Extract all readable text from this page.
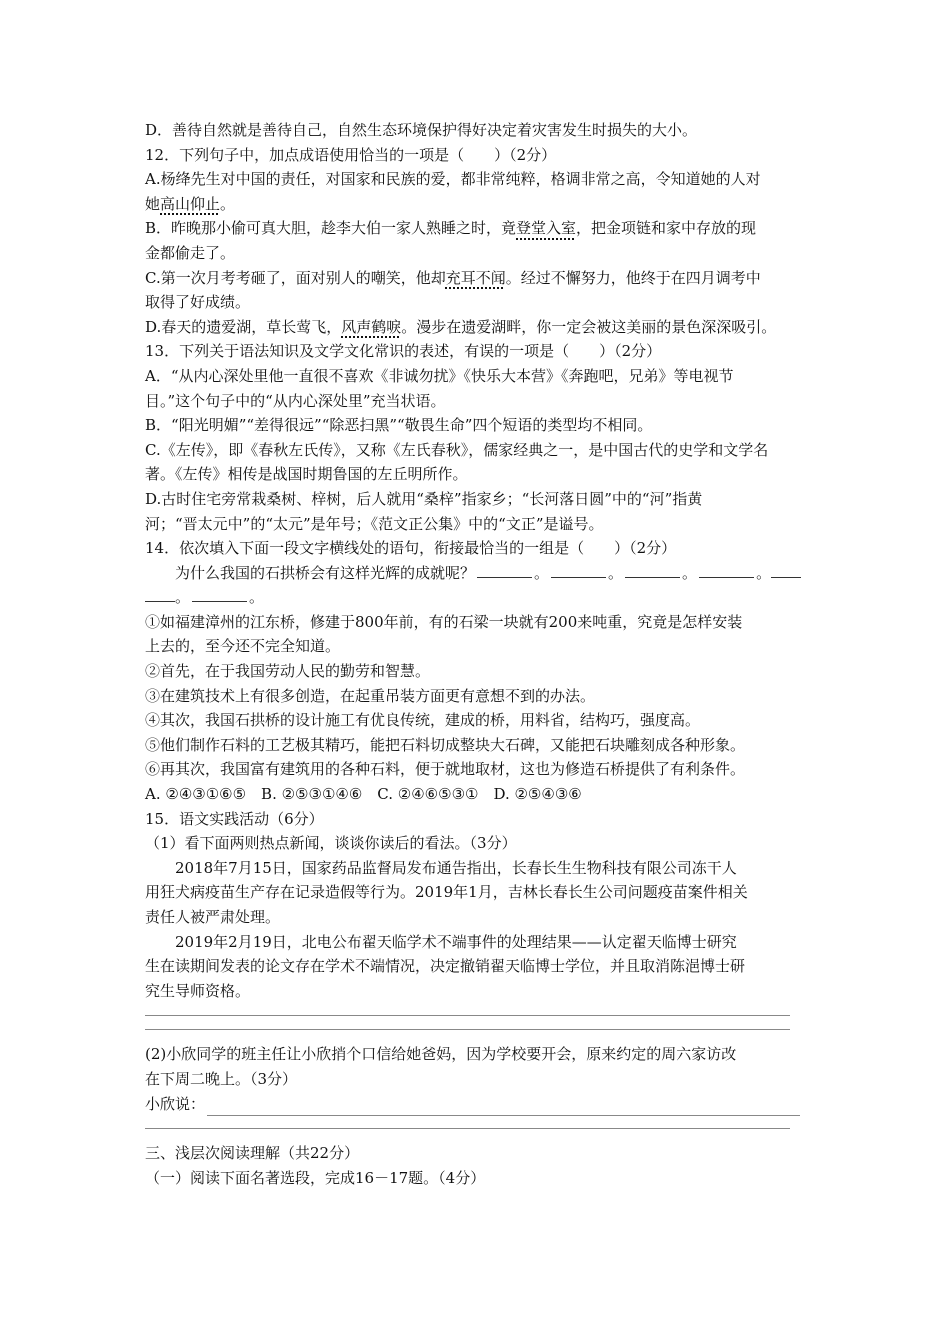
D．善待自然就是善待自己，自然生态环境保护得好决定着灾害发生时损失的大小。
12．下列句子中，加点成语使用恰当的一项是（　　）（2分）
A.杨绛先生对中国的责任，对国家和民族的爱，都非常纯粹，格调非常之高，令知道她的人对
她高山仰止。
B．昨晚那小偷可真大胆，趁李大伯一家人熟睡之时，竟登堂入室，把金项链和家中存放的现
金都偷走了。
C.第一次月考考砸了，面对别人的嘲笑，他却充耳不闻。经过不懈努力，他终于在四月调考中
取得了好成绩。
D.春天的遗爱湖，草长莺飞，风声鹤唳。漫步在遗爱湖畔，你一定会被这美丽的景色深深吸引。
13．下列关于语法知识及文学文化常识的表述，有误的一项是（　　）（2分）
A．“从内心深处里他一直很不喜欢《非诚勿扰》《快乐大本营》《奔跑吧，兄弟》等电视节
目。”这个句子中的“从内心深处里”充当状语。
B．“阳光明媚”“差得很远”“除恶扫黑”“敬畏生命”四个短语的类型均不相同。
C.《左传》，即《春秋左氏传》，又称《左氏春秋》，儒家经典之一，是中国古代的史学和文学名
著。《左传》相传是战国时期鲁国的左丘明所作。
D.古时住宅旁常栽桑树、梓树，后人就用“桑梓”指家乡；“长河落日圆”中的“河”指黄
河；“晋太元中”的“太元”是年号；《范文正公集》中的“文正”是谥号。
14．依次填入下面一段文字横线处的语句，衔接最恰当的一组是（　　）（2分）
为什么我国的石拱桥会有这样光辉的成就呢？	。	。	。	。
。	。
①如福建漳州的江东桥，修建于800年前，有的石梁一块就有200来吨重，究竟是怎样安装
上去的，至今还不完全知道。
②首先，在于我国劳动人民的勤劳和智慧。
③在建筑技术上有很多创造，在起重吊装方面更有意想不到的办法。
④其次，我国石拱桥的设计施工有优良传统，建成的桥，用料省，结构巧，强度高。
⑤他们制作石料的工艺极其精巧，能把石料切成整块大石碑，又能把石块雕刻成各种形象。
⑥再其次，我国富有建筑用的各种石料，便于就地取材，这也为修造石桥提供了有利条件。
A. ②④③①⑥⑤　B. ②⑤③①④⑥　C. ②④⑥⑤③①　D. ②⑤④③⑥
15．语文实践活动（6分）
（1）看下面两则热点新闻，谈谈你读后的看法。（3分）
2018年7月15日，国家药品监督局发布通告指出，长春长生生物科技有限公司冻干人
用狂犬病疫苗生产存在记录造假等行为。2019年1月，吉林长春长生公司问题疫苗案件相关
责任人被严肃处理。
2019年2月19日，北电公布翟天临学术不端事件的处理结果——认定翟天临博士研究
生在读期间发表的论文存在学术不端情况，决定撤销翟天临博士学位，并且取消陈浥博士研
究生导师资格。
(2)小欣同学的班主任让小欣捎个口信给她爸妈，因为学校要开会，原来约定的周六家访改
在下周二晚上。（3分）
小欣说：
三、浅层次阅读理解（共22分）
（一）阅读下面名著选段，完成16－17题。（4分）
